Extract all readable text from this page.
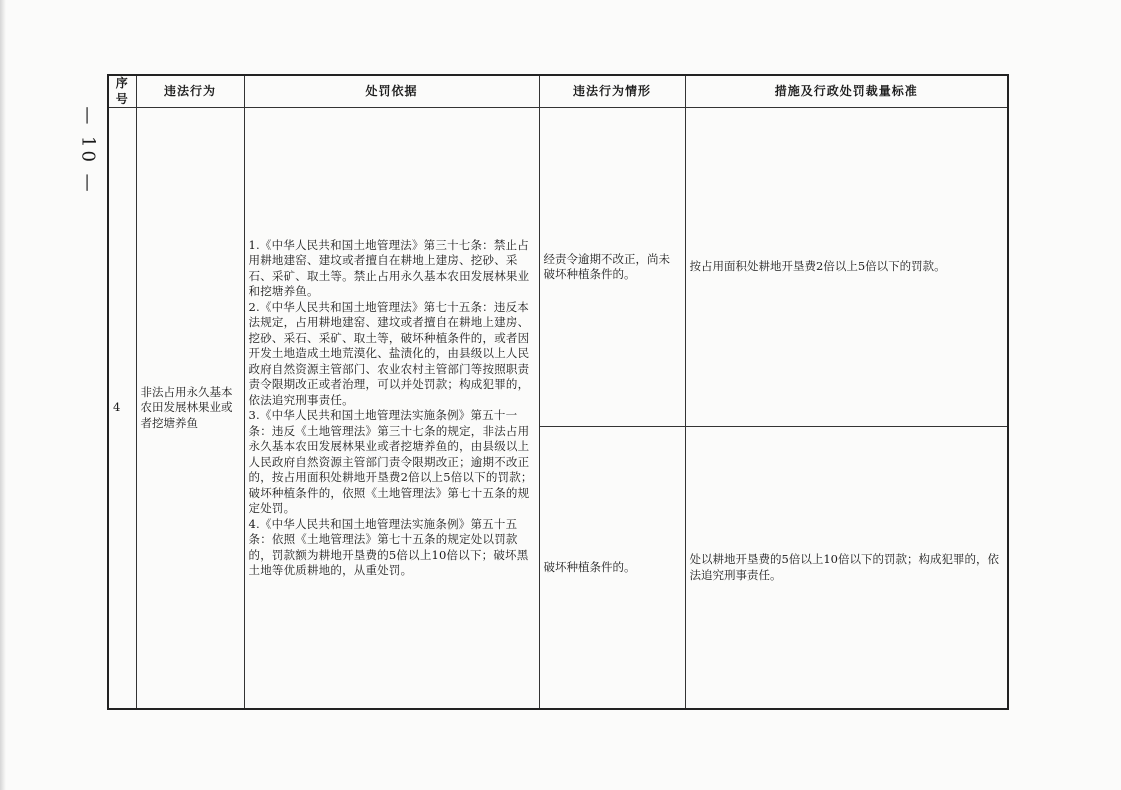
— 10 —
序号	违法行为	处罚依据	违法行为情形	措施及行政处罚裁量标准
4	非法占用永久基本农田发展林果业或者挖塘养鱼	1.《中华人民共和国土地管理法》第三十七条：禁止占用耕地建窑、建坟或者擅自在耕地上建房、挖砂、采石、采矿、取土等。禁止占用永久基本农田发展林果业和挖塘养鱼。

2.《中华人民共和国土地管理法》第七十五条：违反本法规定，占用耕地建窑、建坟或者擅自在耕地上建房、挖砂、采石、采矿、取土等，破坏种植条件的，或者因开发土地造成土地荒漠化、盐渍化的，由县级以上人民政府自然资源主管部门、农业农村主管部门等按照职责责令限期改正或者治理，可以并处罚款；构成犯罪的，依法追究刑事责任。

3.《中华人民共和国土地管理法实施条例》第五十一条：违反《土地管理法》第三十七条的规定，非法占用永久基本农田发展林果业或者挖塘养鱼的，由县级以上人民政府自然资源主管部门责令限期改正；逾期不改正的，按占用面积处耕地开垦费2倍以上5倍以下的罚款；破坏种植条件的，依照《土地管理法》第七十五条的规定处罚。

4.《中华人民共和国土地管理法实施条例》第五十五条：依照《土地管理法》第七十五条的规定处以罚款的，罚款额为耕地开垦费的5倍以上10倍以下；破坏黑土地等优质耕地的，从重处罚。	经责令逾期不改正，尚未破坏种植条件的。	按占用面积处耕地开垦费2倍以上5倍以下的罚款。
			破坏种植条件的。	处以耕地开垦费的5倍以上10倍以下的罚款；构成犯罪的，依法追究刑事责任。
